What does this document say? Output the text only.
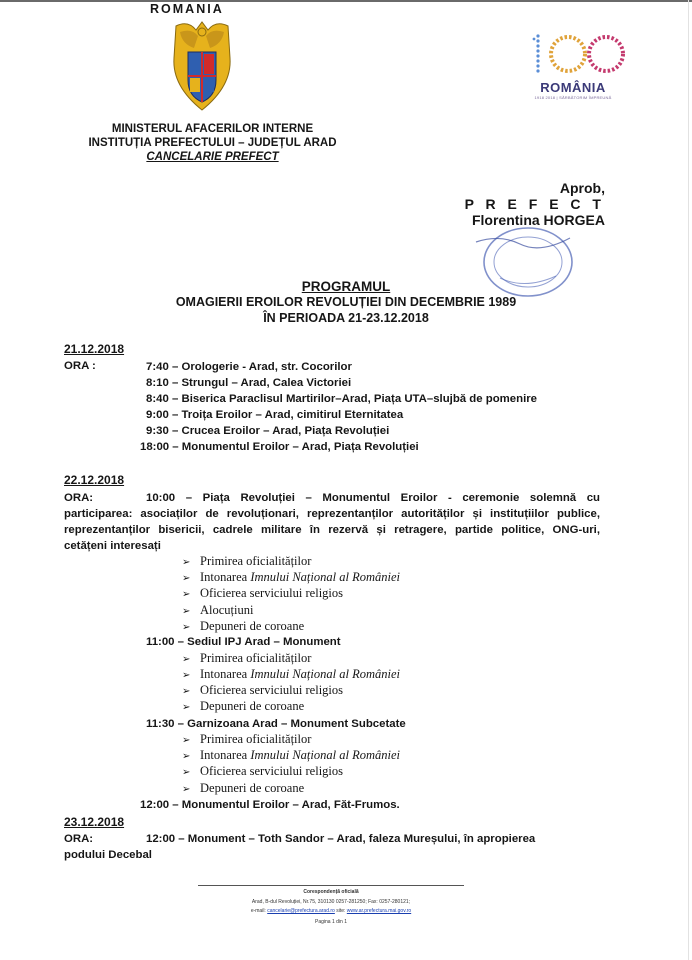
ROMANIA
MINISTERUL AFACERILOR INTERNE
INSTITUȚIA PREFECTULUI – JUDEȚUL ARAD
CANCELARIE PREFECT
ROMÂNIA
1918 2018 | SĂRBĂTORIM ÎMPREUNĂ
Aprob,
P R E F E C T
Florentina HORGEA
PROGRAMUL
OMAGIERII EROILOR REVOLUȚIEI DIN DECEMBRIE 1989
ÎN PERIOADA 21-23.12.2018
21.12.2018
ORA :	7:40 – Orologerie - Arad, str. Cocorilor
8:10 – Strungul – Arad, Calea Victoriei
8:40 – Biserica Paraclisul Martirilor–Arad, Piața UTA–slujbă de pomenire
9:00 – Troița Eroilor – Arad, cimitirul Eternitatea
9:30 – Crucea Eroilor – Arad, Piața Revoluției
18:00 – Monumentul Eroilor – Arad, Piața Revoluției
22.12.2018
ORA:	10:00 – Piața Revoluției – Monumentul Eroilor - ceremonie solemnă cu
participarea: asociaților de revoluționari, reprezentanților autorităților și instituțiilor publice,
reprezentanților bisericii, cadrele militare în rezervă și retragere, partide politice, ONG-uri,
cetățeni interesați
➢ Primirea oficialităților
➢ Intonarea Imnului Național al României
➢ Oficierea serviciului religios
➢ Alocuțiuni
➢ Depuneri de coroane
11:00 – Sediul IPJ Arad – Monument
➢ Primirea oficialităților
➢ Intonarea Imnului Național al României
➢ Oficierea serviciului religios
➢ Depuneri de coroane
11:30 – Garnizoana Arad – Monument Subcetate
➢ Primirea oficialităților
➢ Intonarea Imnului Național al României
➢ Oficierea serviciului religios
➢ Depuneri de coroane
12:00 – Monumentul Eroilor – Arad, Făt-Frumos.
23.12.2018
ORA:	12:00 – Monument – Toth Sandor – Arad, faleza Mureșului, în apropierea
podului Decebal
Corespondență oficială
Arad, B-dul Revoluției, Nr.75, 310130 0257-281250; Fax: 0257-280121;
e-mail: cancelarie@prefectura.arad.ro site: www.ar.prefectura.mai.gov.ro
Pagina 1 din 1
